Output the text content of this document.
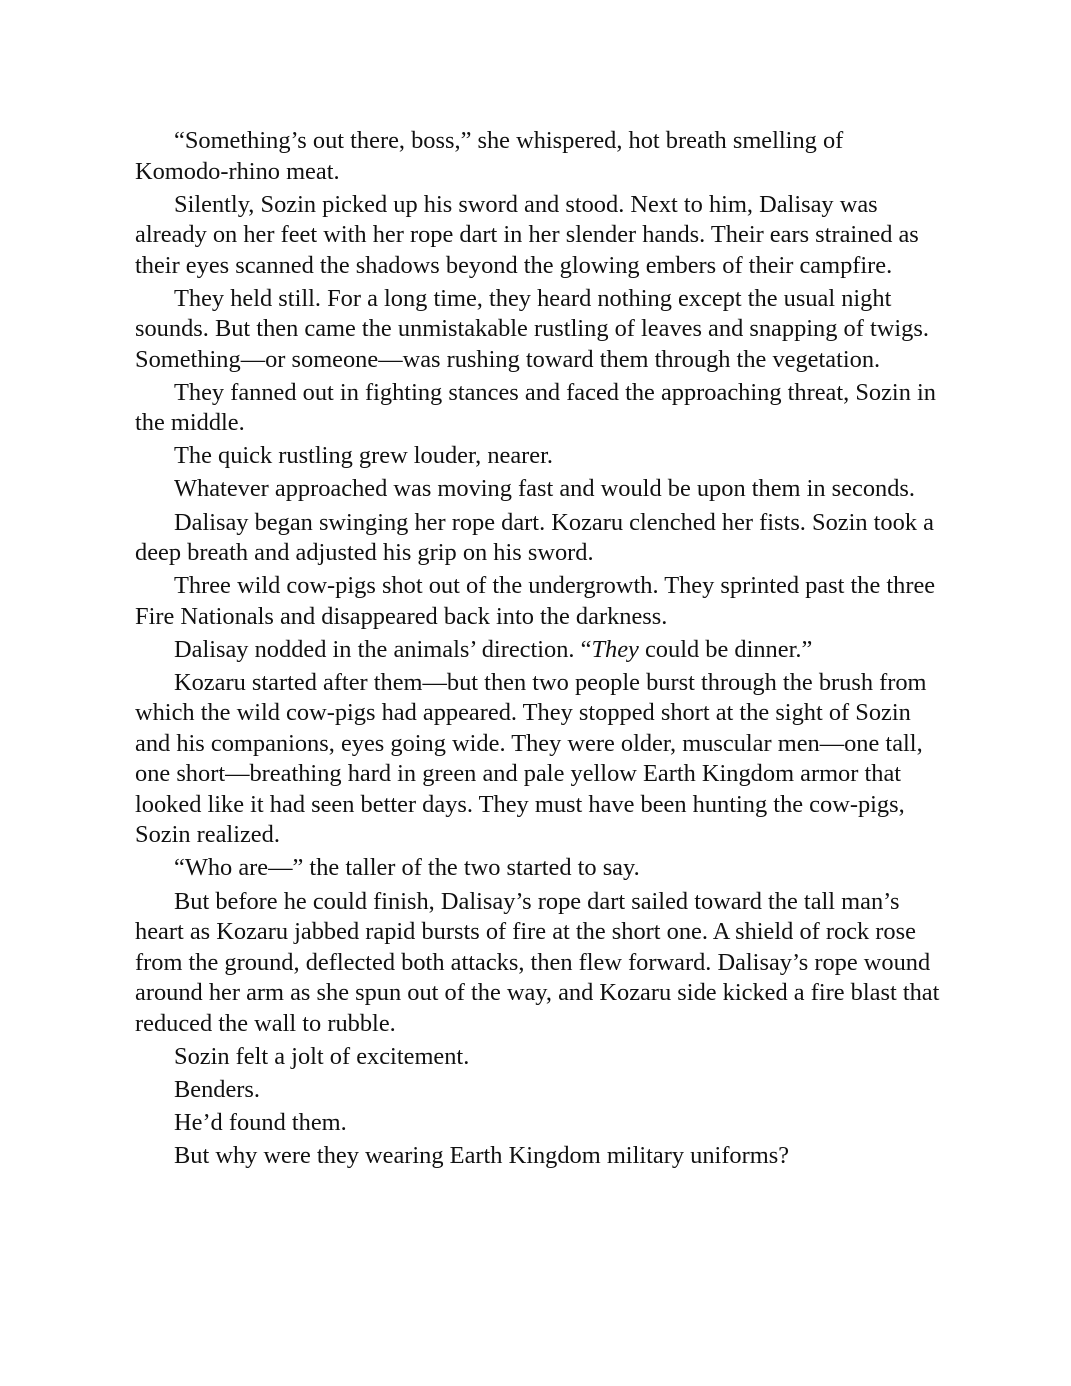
“Something’s out there, boss,” she whispered, hot breath smelling of Komodo-rhino meat.

Silently, Sozin picked up his sword and stood. Next to him, Dalisay was already on her feet with her rope dart in her slender hands. Their ears strained as their eyes scanned the shadows beyond the glowing embers of their campfire.

They held still. For a long time, they heard nothing except the usual night sounds. But then came the unmistakable rustling of leaves and snapping of twigs. Something—or someone—was rushing toward them through the vegetation.

They fanned out in fighting stances and faced the approaching threat, Sozin in the middle.

The quick rustling grew louder, nearer.

Whatever approached was moving fast and would be upon them in seconds.

Dalisay began swinging her rope dart. Kozaru clenched her fists. Sozin took a deep breath and adjusted his grip on his sword.

Three wild cow-pigs shot out of the undergrowth. They sprinted past the three Fire Nationals and disappeared back into the darkness.

Dalisay nodded in the animals’ direction. “They could be dinner.”

Kozaru started after them—but then two people burst through the brush from which the wild cow-pigs had appeared. They stopped short at the sight of Sozin and his companions, eyes going wide. They were older, muscular men—one tall, one short—breathing hard in green and pale yellow Earth Kingdom armor that looked like it had seen better days. They must have been hunting the cow-pigs, Sozin realized.

“Who are—” the taller of the two started to say.

But before he could finish, Dalisay’s rope dart sailed toward the tall man’s heart as Kozaru jabbed rapid bursts of fire at the short one. A shield of rock rose from the ground, deflected both attacks, then flew forward. Dalisay’s rope wound around her arm as she spun out of the way, and Kozaru side kicked a fire blast that reduced the wall to rubble.

Sozin felt a jolt of excitement.

Benders.

He’d found them.

But why were they wearing Earth Kingdom military uniforms?
